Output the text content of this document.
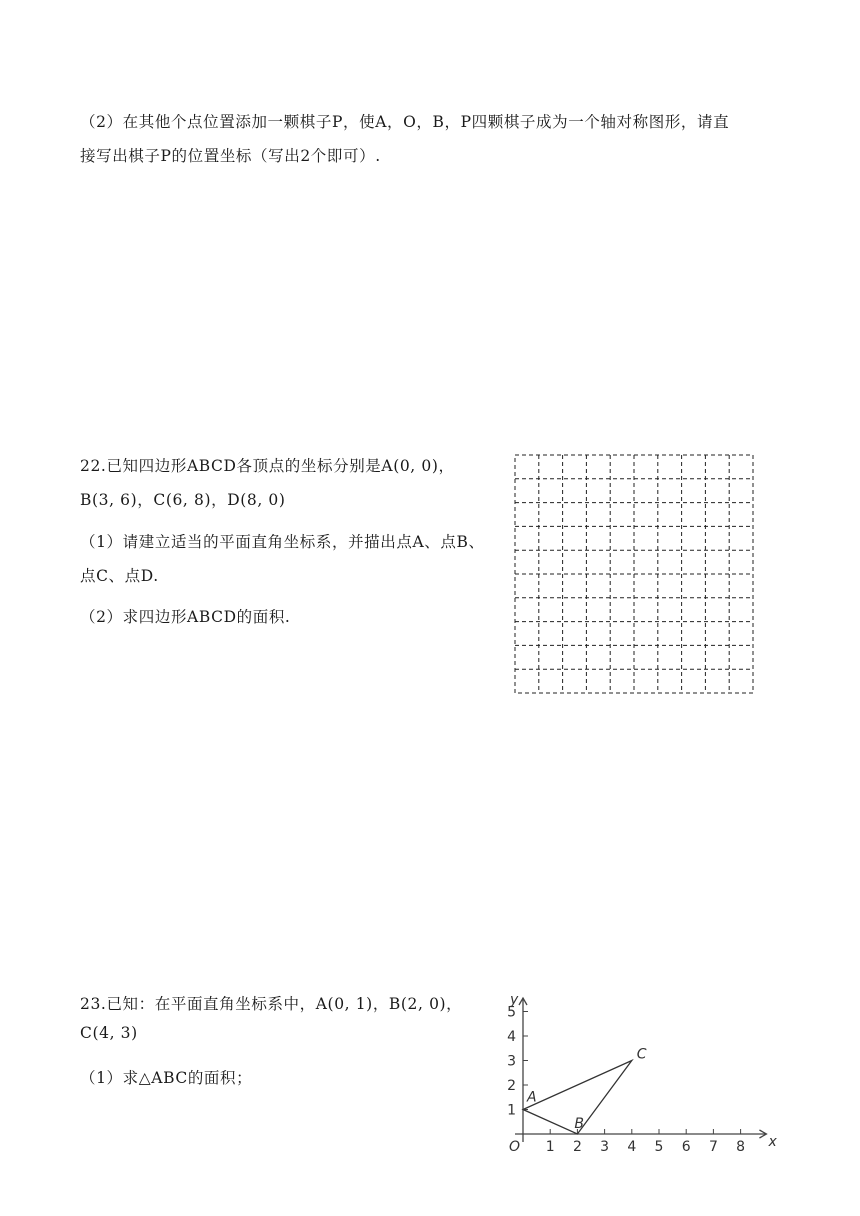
（2）在其他个点位置添加一颗棋子P，使A，O，B，P四颗棋子成为一个轴对称图形，请直
接写出棋子P的位置坐标（写出2个即可）.
22.已知四边形ABCD各顶点的坐标分别是A(0, 0)，
B(3, 6)，C(6, 8)，D(8, 0)
（1）请建立适当的平面直角坐标系，并描出点A、点B、
点C、点D.
（2）求四边形ABCD的面积.
23.已知：在平面直角坐标系中，A(0, 1)，B(2, 0)，
C(4, 3)
（1）求△ABC的面积；
1 2 3 4 5 6 7 8
1
2
3
4
5
x
y
O
A
B
C
